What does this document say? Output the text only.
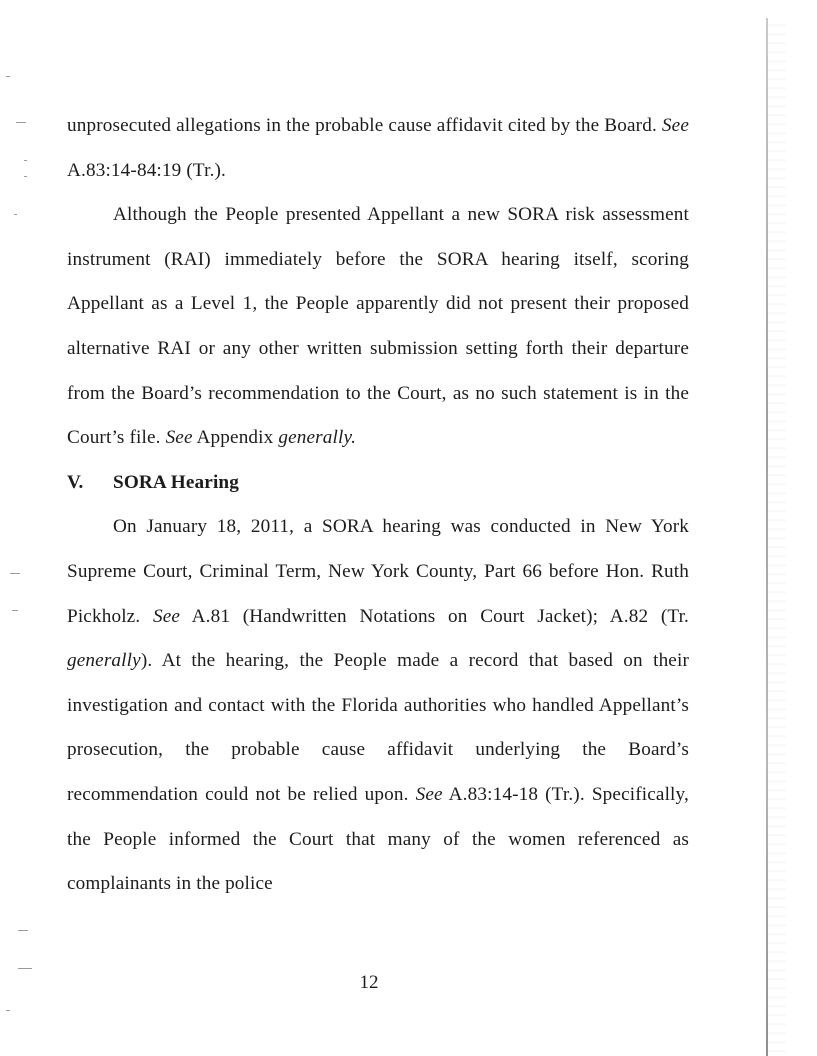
unprosecuted allegations in the probable cause affidavit cited by the Board. See A.83:14-84:19 (Tr.).

Although the People presented Appellant a new SORA risk assessment instrument (RAI) immediately before the SORA hearing itself, scoring Appellant as a Level 1, the People apparently did not present their proposed alternative RAI or any other written submission setting forth their departure from the Board’s recommendation to the Court, as no such statement is in the Court’s file. See Appendix generally.

V. SORA Hearing

On January 18, 2011, a SORA hearing was conducted in New York Supreme Court, Criminal Term, New York County, Part 66 before Hon. Ruth Pickholz. See A.81 (Handwritten Notations on Court Jacket); A.82 (Tr. generally). At the hearing, the People made a record that based on their investigation and contact with the Florida authorities who handled Appellant’s prosecution, the probable cause affidavit underlying the Board’s recommendation could not be relied upon. See A.83:14-18 (Tr.). Specifically, the People informed the Court that many of the women referenced as complainants in the police

12
